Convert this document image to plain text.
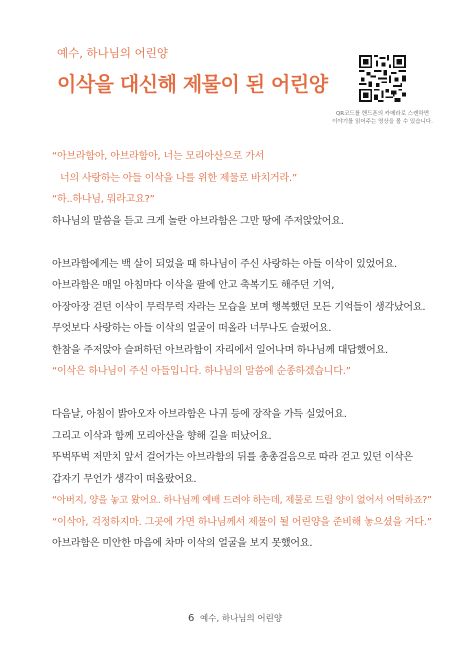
예수, 하나님의 어린양
이삭을 대신해 제물이 된 어린양
QR코드를 핸드폰의 카메라로 스캔하면
이야기를 읽어주는 영상을 볼 수 있습니다.
“아브라함아, 아브라함아, 너는 모리아산으로 가서
너의 사랑하는 아들 이삭을 나를 위한 제물로 바치거라.”
“하..하나님, 뭐라고요?”
하나님의 말씀을 듣고 크게 놀란 아브라함은 그만 땅에 주저앉았어요.
아브라함에게는 백 살이 되었을 때 하나님이 주신 사랑하는 아들 이삭이 있었어요.
아브라함은 매일 아침마다 이삭을 팔에 안고 축복기도 해주던 기억,
아장아장 걷던 이삭이 무럭무럭 자라는 모습을 보며 행복했던 모든 기억들이 생각났어요.
무엇보다 사랑하는 아들 이삭의 얼굴이 떠올라 너무나도 슬펐어요.
한참을 주저앉아 슬퍼하던 아브라함이 자리에서 일어나며 하나님께 대답했어요.
“이삭은 하나님이 주신 아들입니다. 하나님의 말씀에 순종하겠습니다.”
다음날, 아침이 밝아오자 아브라함은 나귀 등에 장작을 가득 실었어요.
그리고 이삭과 함께 모리아산을 향해 길을 떠났어요.
뚜벅뚜벅 저만치 앞서 걸어가는 아브라함의 뒤를 총총걸음으로 따라 걷고 있던 이삭은
갑자기 무언가 생각이 떠올랐어요.
“아버지, 양을 놓고 왔어요. 하나님께 예배 드려야 하는데, 제물로 드릴 양이 없어서 어떡하죠?”
“이삭아, 걱정하지마. 그곳에 가면 하나님께서 제물이 될 어린양을 준비해 놓으셨을 거다.”
아브라함은 미안한 마음에 차마 이삭의 얼굴을 보지 못했어요.
6 예수, 하나님의 어린양
